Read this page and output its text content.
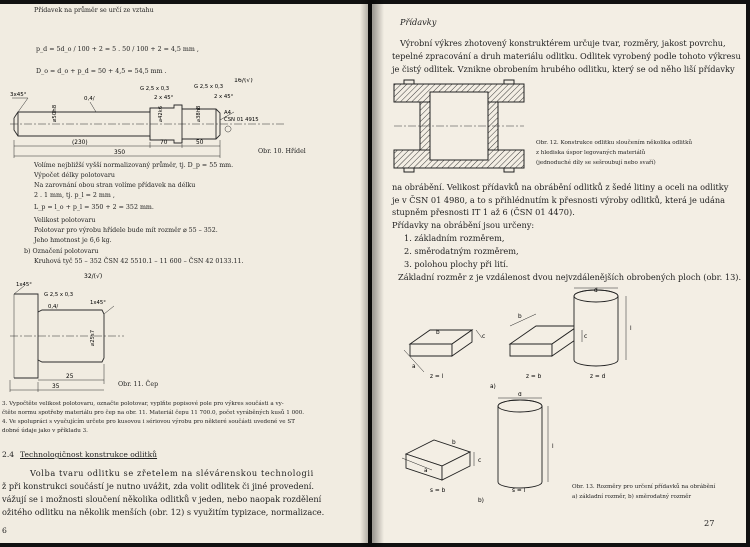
Přídavek na průměr se určí ze vztahu
p_d = 5d_o / 100 + 2 = 5 . 50 / 100 + 2 = 4,5 mm ,
D_o = d_o + p_d = 50 + 4,5 = 54,5 mm .
3x45°
0,4/
G 2,5 x 0,3	G 2,5 x 0,3
2 x 45°	2 x 45°
16/(√)
⌀50h8	⌀42k6	⌀38h8	A4
ČSN 01 4915
(230)	70	50
350	Obr. 10. Hřídel
Volíme nejbližší vyšší normalizovaný průměr, tj. D_p = 55 mm.
Výpočet délky polotovaru
Na zarovnání obou stran volíme přídavek na délku
2 . 1 mm, tj. p_l = 2 mm ,
L_p = l_o + p_l = 350 + 2 = 352 mm.
Velikost polotovaru
Polotovar pro výrobu hřídele bude mít rozměr ⌀ 55 – 352.
Jeho hmotnost je 6,6 kg.
b) Označení polotovaru
Kruhová tyč 55 – 352 ČSN 42 5510.1 – 11 600 – ČSN 42 0133.11.
32/(√)
1x45°
G 2,5 x 0,3
1x45°
0,4/
⌀25s7
25
35	Obr. 11. Čep
3. Vypočtěte velikost polotovaru, označte polotovar, vyplňte popisové pole pro výkres součásti a vy-
čtěte normu spotřeby materiálu pro čep na obr. 11. Materiál čepu 11 700.0, počet vyráběných kusů 1 000.
4. Ve spolupráci s vyučujícím určete pro kusovou i sériovou výrobu pro některé součásti uvedené ve ST
dobné údaje jako v příkladu 3.
2.4 Technologičnost konstrukce odlitků
Volba tvaru odlitku se zřetelem na slévárenskou technologii
ž při konstrukci součástí je nutno uvážit, zda volit odlitek či jiné provedení.
vážují se i možnosti sloučení několika odlitků v jeden, nebo naopak rozdělení
ožitého odlitku na několik menších (obr. 12) s využitím typizace, normalizace.
6
Přídavky
Výrobní výkres zhotovený konstruktérem určuje tvar, rozměry, jakost povrchu,
tepelné zpracování a druh materiálu odlitku. Odlitek vyrobený podle tohoto výkresu
je čistý odlitek. Vznikne obrobením hrubého odlitku, který se od něho liší přídavky
Obr. 12. Konstrukce odlitku sloučením několika odlitků
z hlediska úspor legovaných materiálů
(jednoduché díly se sešroubují nebo svaří)
na obrábění. Velikost přídavků na obrábění odlitků z šedé litiny a oceli na odlitky
je v ČSN 01 4980, a to s přihlédnutím k přesnosti výroby odlitků, která je udána
stupněm přesnosti IT 1 až 6 (ČSN 01 4470).
Přídavky na obrábění jsou určeny:
1. základním rozměrem,
2. směrodatným rozměrem,
3. polohou plochy při lití.
Základní rozměr z je vzdálenost dvou nejvzdálenějších obrobených ploch (obr. 13).
a
c
b
b
c
d
l
z = l	z = b	z = d
a)
a
b
c
d
l
s = b	s = l
b)
Obr. 13. Rozměry pro určení přídavků na obrábění
a) základní rozměr, b) směrodatný rozměr
27
